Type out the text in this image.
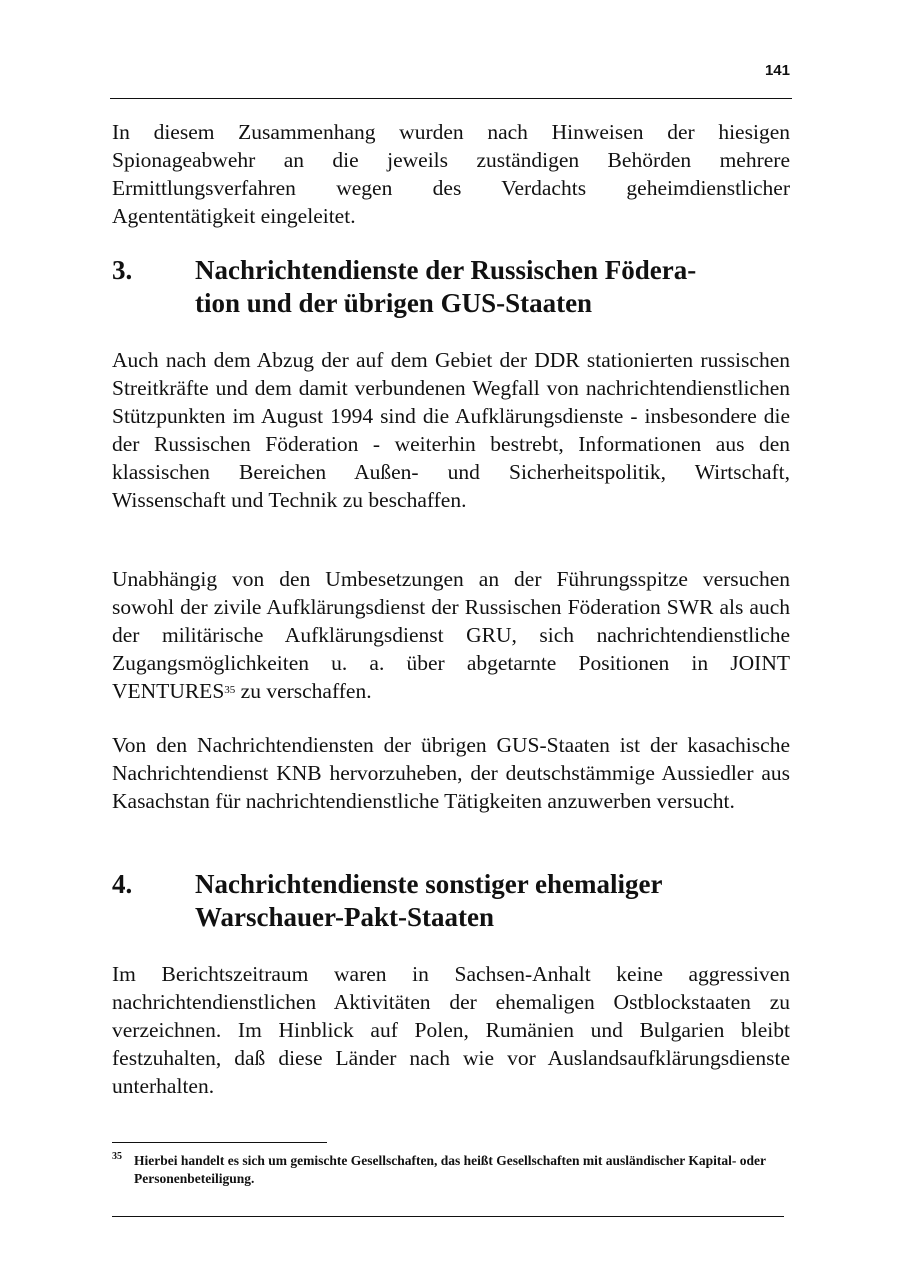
141

In diesem Zusammenhang wurden nach Hinweisen der hiesigen Spionageabwehr an die jeweils zuständigen Behörden mehrere Ermittlungsverfahren wegen des Verdachts geheimdienstlicher Agententätigkeit eingeleitet.

3. Nachrichtendienste der Russischen Födera-
tion und der übrigen GUS-Staaten

Auch nach dem Abzug der auf dem Gebiet der DDR stationierten russischen Streitkräfte und dem damit verbundenen Wegfall von nachrichtendienstlichen Stützpunkten im August 1994 sind die Aufklärungsdienste - insbesondere die der Russischen Föderation - weiterhin bestrebt, Informationen aus den klassischen Bereichen Außen- und Sicherheitspolitik, Wirtschaft, Wissenschaft und Technik zu beschaffen.

Unabhängig von den Umbesetzungen an der Führungsspitze versuchen sowohl der zivile Aufklärungsdienst der Russischen Föderation SWR als auch der militärische Aufklärungsdienst GRU, sich nachrichtendienstliche Zugangsmöglichkeiten u. a. über abgetarnte Positionen in JOINT VENTURES$^{35}$ zu verschaffen.

Von den Nachrichtendiensten der übrigen GUS-Staaten ist der kasachische Nachrichtendienst KNB hervorzuheben, der deutschstämmige Aussiedler aus Kasachstan für nachrichtendienstliche Tätigkeiten anzuwerben versucht.

4. Nachrichtendienste sonstiger ehemaliger
Warschauer-Pakt-Staaten

Im Berichtszeitraum waren in Sachsen-Anhalt keine aggressiven nachrichtendienstlichen Aktivitäten der ehemaligen Ostblockstaaten zu verzeichnen. Im Hinblick auf Polen, Rumänien und Bulgarien bleibt festzuhalten, daß diese Länder nach wie vor Auslandsaufklärungsdienste unterhalten.

35 Hierbei handelt es sich um gemischte Gesellschaften, das heißt Gesellschaften mit ausländischer Kapital- oder Personenbeteiligung.
